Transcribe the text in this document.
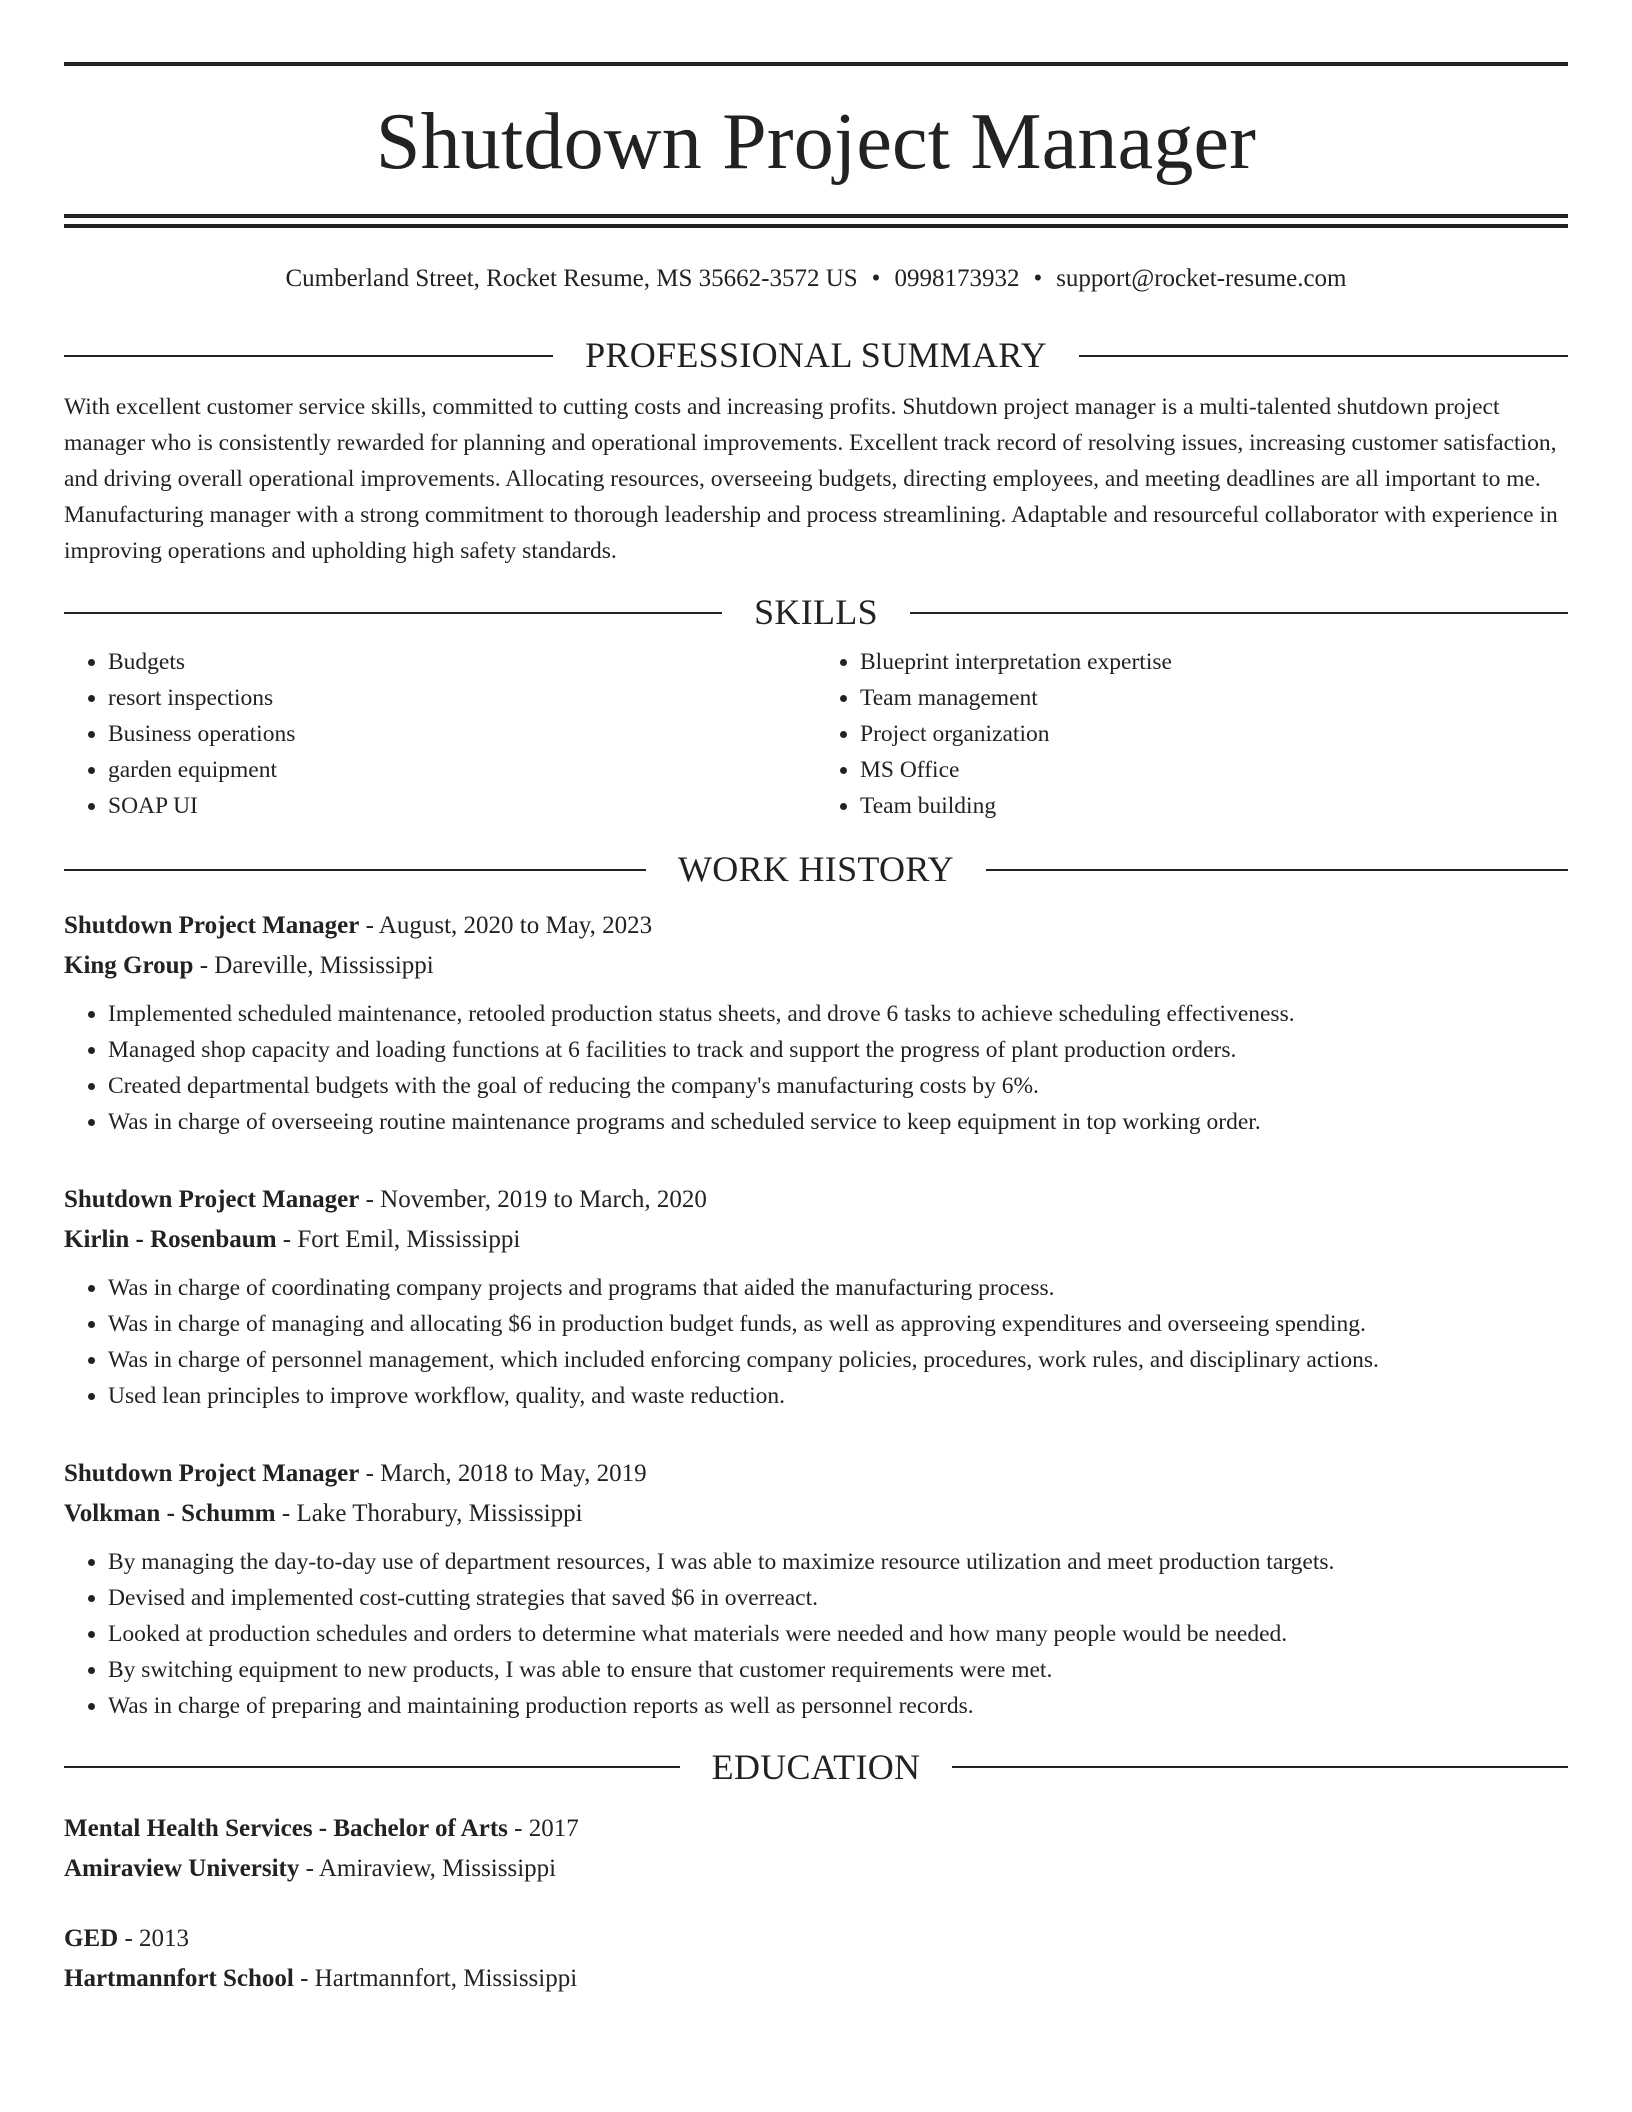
Shutdown Project Manager
Cumberland Street, Rocket Resume, MS 35662-3572 US • 0998173932 • support@rocket-resume.com
PROFESSIONAL SUMMARY

With excellent customer service skills, committed to cutting costs and increasing profits. Shutdown project manager is a multi-talented shutdown project manager who is consistently rewarded for planning and operational improvements. Excellent track record of resolving issues, increasing customer satisfaction, and driving overall operational improvements. Allocating resources, overseeing budgets, directing employees, and meeting deadlines are all important to me. Manufacturing manager with a strong commitment to thorough leadership and process streamlining. Adaptable and resourceful collaborator with experience in improving operations and upholding high safety standards.

SKILLS
• Budgets
• resort inspections
• Business operations
• garden equipment
• SOAP UI
• Blueprint interpretation expertise
• Team management
• Project organization
• MS Office
• Team building
WORK HISTORY
Shutdown Project Manager - August, 2020 to May, 2023
King Group - Dareville, Mississippi
• Implemented scheduled maintenance, retooled production status sheets, and drove 6 tasks to achieve scheduling effectiveness.
• Managed shop capacity and loading functions at 6 facilities to track and support the progress of plant production orders.
• Created departmental budgets with the goal of reducing the company's manufacturing costs by 6%.
• Was in charge of overseeing routine maintenance programs and scheduled service to keep equipment in top working order.
Shutdown Project Manager - November, 2019 to March, 2020
Kirlin - Rosenbaum - Fort Emil, Mississippi
• Was in charge of coordinating company projects and programs that aided the manufacturing process.
• Was in charge of managing and allocating $6 in production budget funds, as well as approving expenditures and overseeing spending.
• Was in charge of personnel management, which included enforcing company policies, procedures, work rules, and disciplinary actions.
• Used lean principles to improve workflow, quality, and waste reduction.
Shutdown Project Manager - March, 2018 to May, 2019
Volkman - Schumm - Lake Thorabury, Mississippi
• By managing the day-to-day use of department resources, I was able to maximize resource utilization and meet production targets.
• Devised and implemented cost-cutting strategies that saved $6 in overreact.
• Looked at production schedules and orders to determine what materials were needed and how many people would be needed.
• By switching equipment to new products, I was able to ensure that customer requirements were met.
• Was in charge of preparing and maintaining production reports as well as personnel records.
EDUCATION
Mental Health Services - Bachelor of Arts - 2017
Amiraview University - Amiraview, Mississippi
GED - 2013
Hartmannfort School - Hartmannfort, Mississippi
